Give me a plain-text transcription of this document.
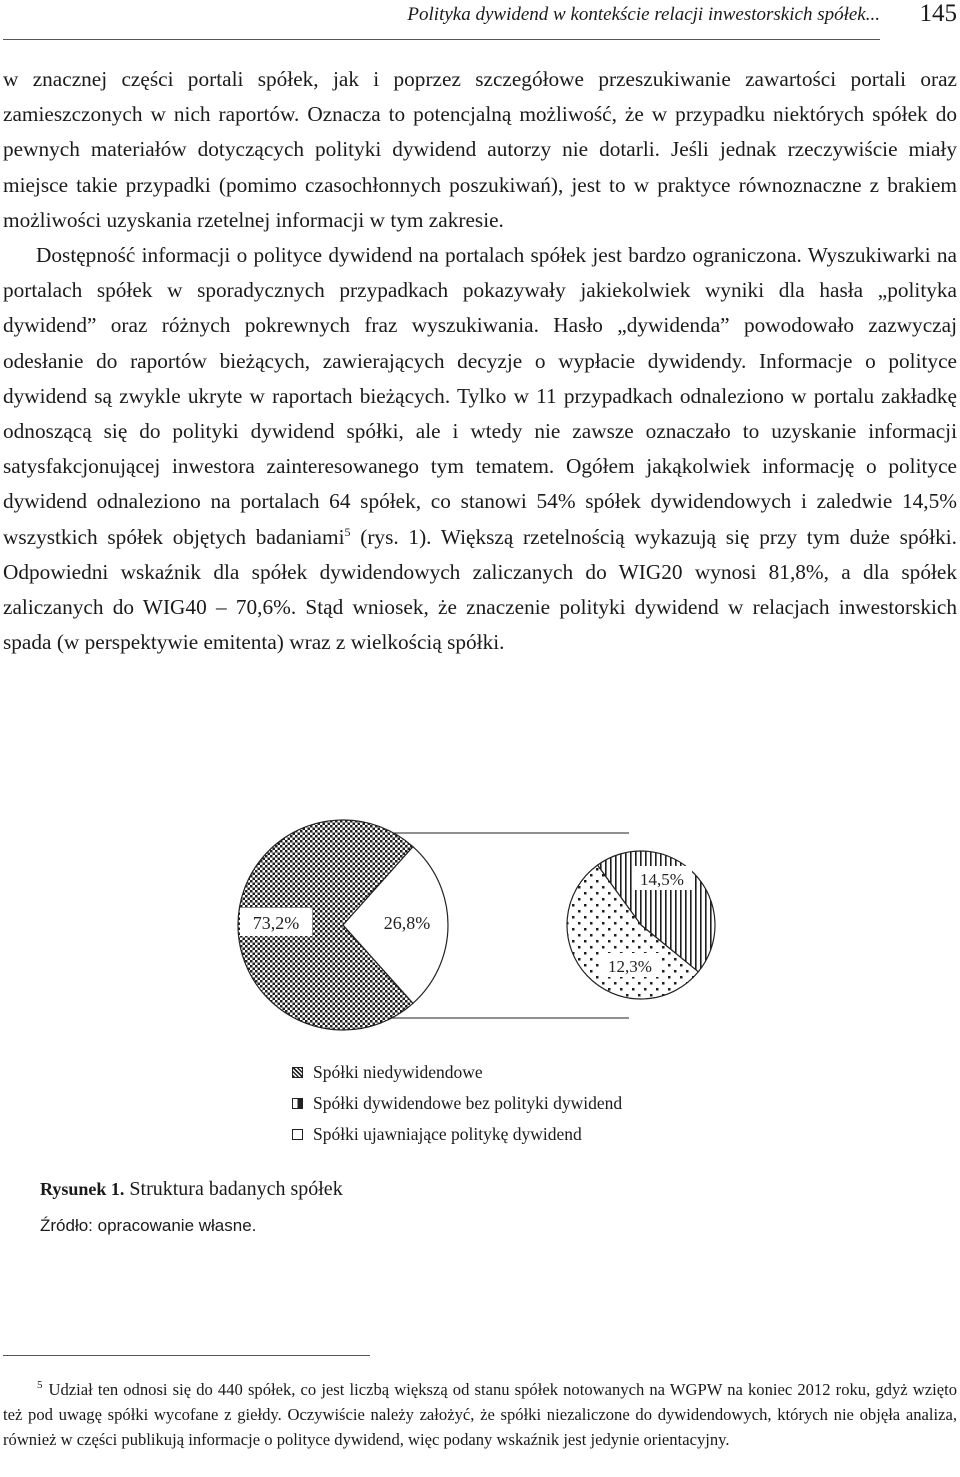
Polityka dywidend w kontekście relacji inwestorskich spółek... 145

w znacznej części portali spółek, jak i poprzez szczegółowe przeszukiwanie zawartości portali oraz zamieszczonych w nich raportów. Oznacza to potencjalną możliwość, że w przypadku niektórych spółek do pewnych materiałów dotyczących polityki dywidend autorzy nie dotarli. Jeśli jednak rzeczywiście miały miejsce takie przypadki (pomimo czasochłonnych poszukiwań), jest to w praktyce równoznaczne z brakiem możliwości uzyskania rzetelnej informacji w tym zakresie.

Dostępność informacji o polityce dywidend na portalach spółek jest bardzo ograniczona. Wyszukiwarki na portalach spółek w sporadycznych przypadkach pokazywały jakiekolwiek wyniki dla hasła „polityka dywidend” oraz różnych pokrewnych fraz wyszukiwania. Hasło „dywidenda” powodowało zazwyczaj odesłanie do raportów bieżących, zawierających decyzje o wypłacie dywidendy. Informacje o polityce dywidend są zwykle ukryte w raportach bieżących. Tylko w 11 przypadkach odnaleziono w portalu zakładkę odnoszącą się do polityki dywidend spółki, ale i wtedy nie zawsze oznaczało to uzyskanie informacji satysfakcjonującej inwestora zainteresowanego tym tematem. Ogółem jakąkolwiek informację o polityce dywidend odnaleziono na portalach 64 spółek, co stanowi 54% spółek dywidendowych i zaledwie 14,5% wszystkich spółek objętych badaniami$^5$ (rys. 1). Większą rzetelnością wykazują się przy tym duże spółki. Odpowiedni wskaźnik dla spółek dywidendowych zaliczanych do WIG20 wynosi 81,8%, a dla spółek zaliczanych do WIG40 – 70,6%. Stąd wniosek, że znaczenie polityki dywidend w relacjach inwestorskich spada (w perspektywie emitenta) wraz z wielkością spółki.

73,2%	26,8%
14,5%
12,3%
Spółki niedywidendowe
Spółki dywidendowe bez polityki dywidend
Spółki ujawniające politykę dywidend
Rysunek 1. Struktura badanych spółek
Źródło: opracowanie własne.
$^5$ Udział ten odnosi się do 440 spółek, co jest liczbą większą od stanu spółek notowanych na WGPW na koniec 2012 roku, gdyż wzięto też pod uwagę spółki wycofane z giełdy. Oczywiście należy założyć, że spółki niezaliczone do dywidendowych, których nie objęła analiza, również w części publikują informacje o polityce dywidend, więc podany wskaźnik jest jedynie orientacyjny.
